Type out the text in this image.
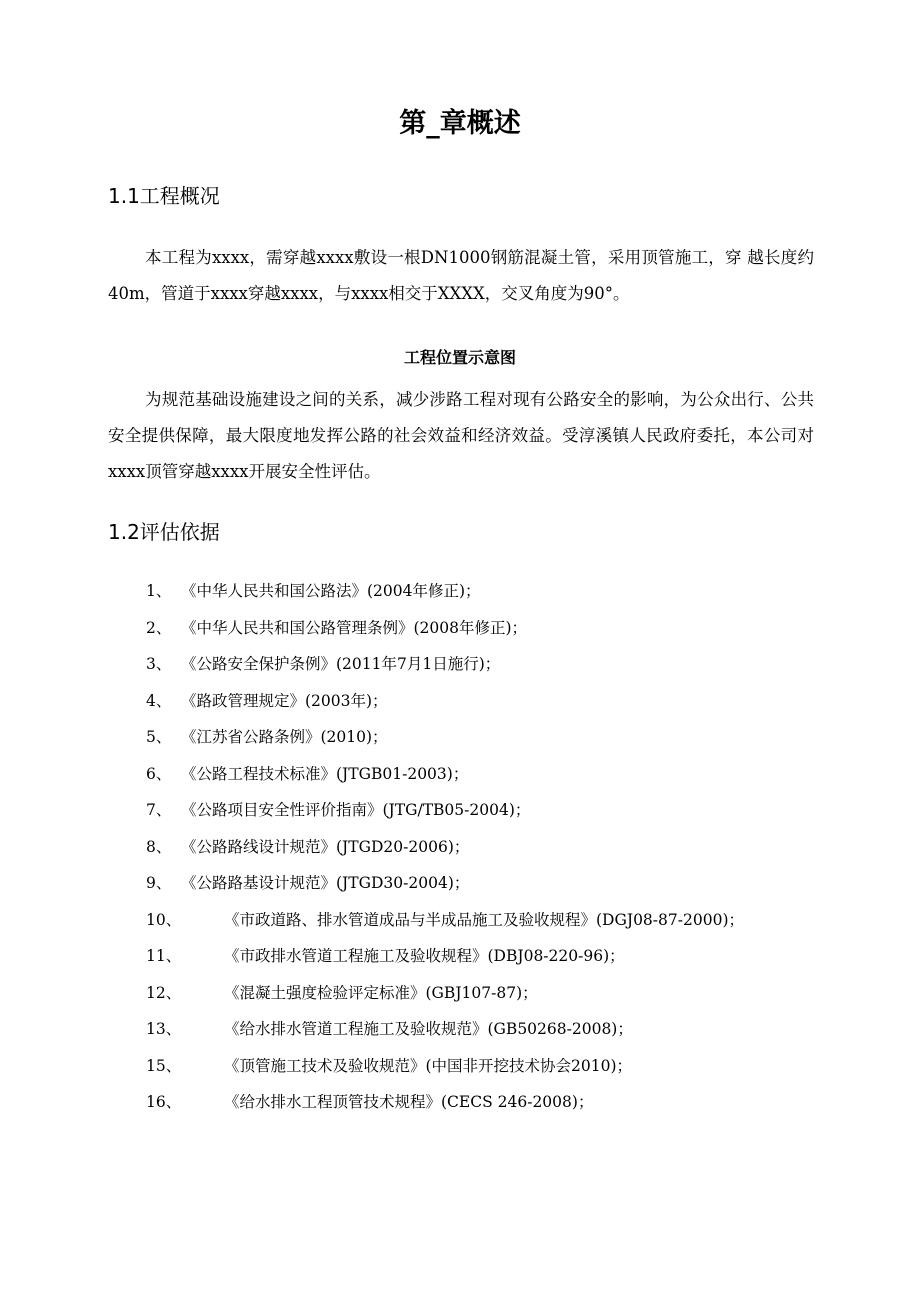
第_章概述
1.1工程概况

本工程为xxxx，需穿越xxxx敷设一根DN1000钢筋混凝土管，采用顶管施工，穿 越长度约40m，管道于xxxx穿越xxxx，与xxxx相交于XXXX，交叉角度为90°。

工程位置示意图

为规范基础设施建设之间的关系，减少涉路工程对现有公路安全的影响，为公众出行、公共安全提供保障，最大限度地发挥公路的社会效益和经济效益。受淳溪镇人民政府委托，本公司对xxxx顶管穿越xxxx开展安全性评估。

1.2评估依据
1、 《中华人民共和国公路法》(2004年修正)；
2、 《中华人民共和国公路管理条例》(2008年修正)；
3、 《公路安全保护条例》(2011年7月1日施行)；
4、 《路政管理规定》(2003年)；
5、 《江苏省公路条例》(2010)；
6、 《公路工程技术标准》(JTGB01-2003)；
7、 《公路项目安全性评价指南》(JTG/TB05-2004)；
8、 《公路路线设计规范》(JTGD20-2006)；
9、 《公路路基设计规范》(JTGD30-2004)；
10、	《市政道路、排水管道成品与半成品施工及验收规程》(DGJ08-87-2000)；
11、	《市政排水管道工程施工及验收规程》(DBJ08-220-96)；
12、	《混凝土强度检验评定标准》(GBJ107-87)；
13、	《给水排水管道工程施工及验收规范》(GB50268-2008)；
15、	《顶管施工技术及验收规范》(中国非开挖技术协会2010)；
16、	《给水排水工程顶管技术规程》(CECS 246-2008)；
